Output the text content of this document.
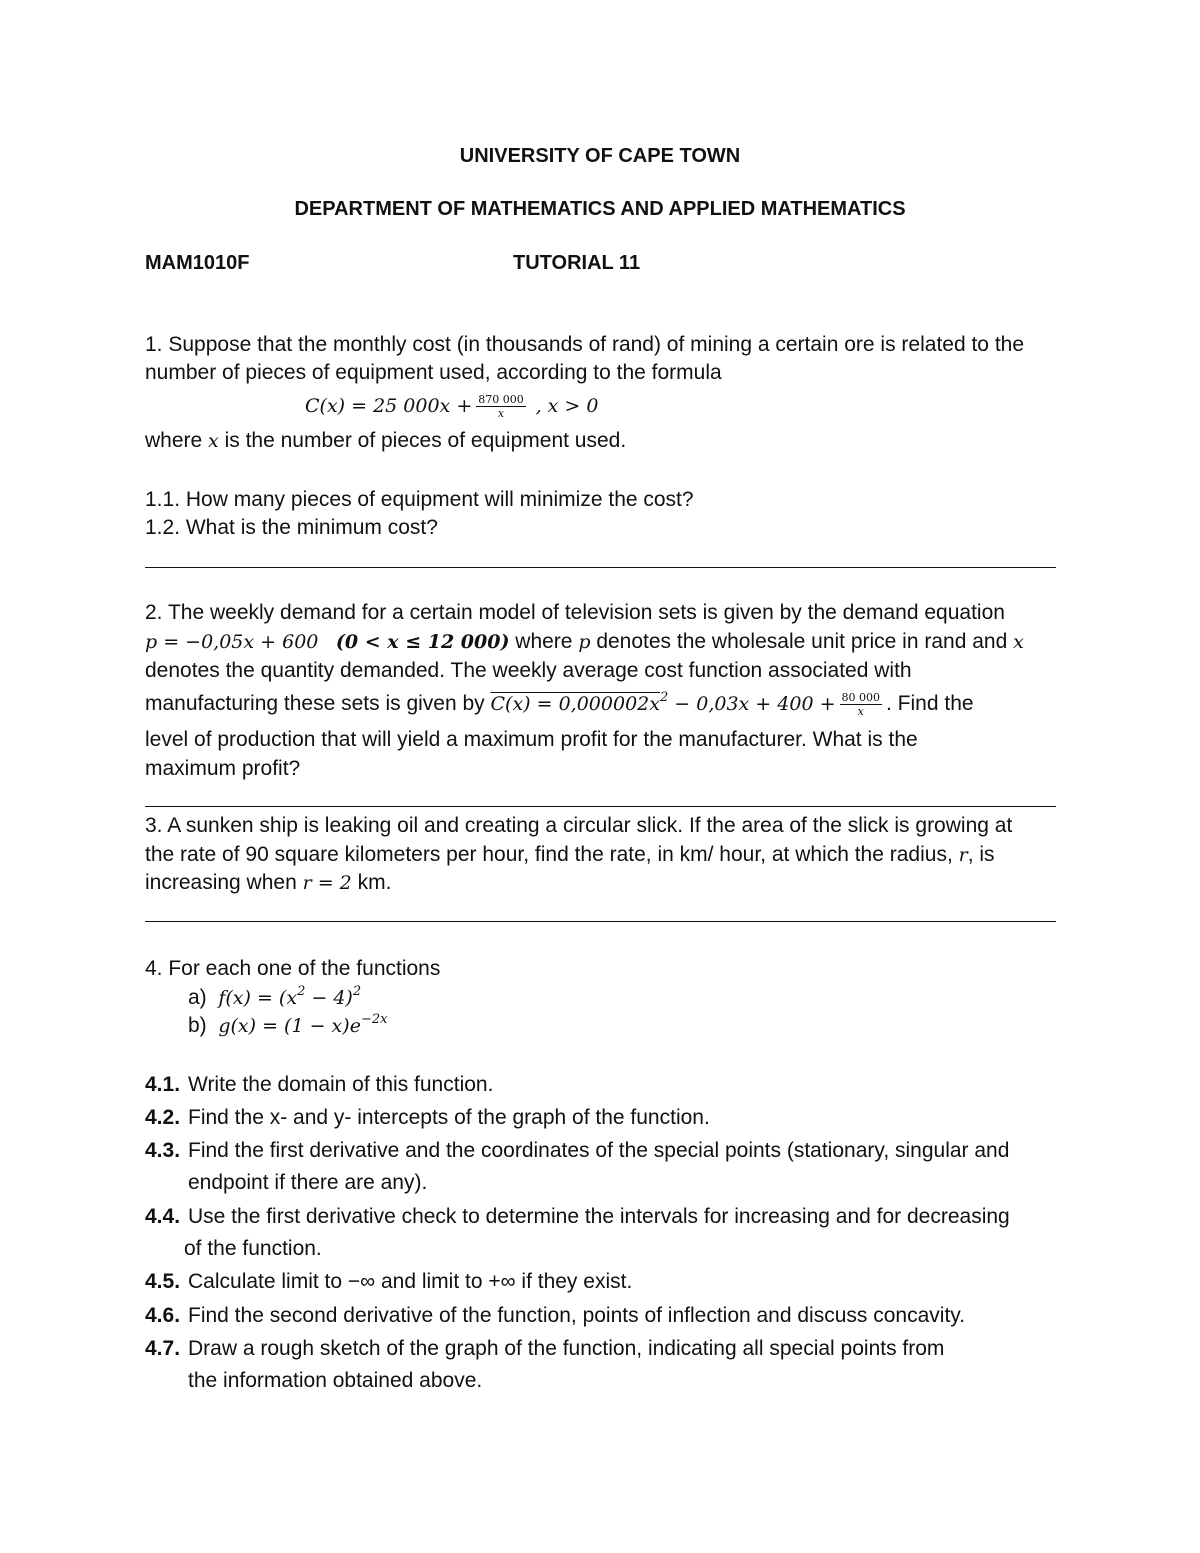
UNIVERSITY OF CAPE TOWN
DEPARTMENT OF MATHEMATICS AND APPLIED MATHEMATICS
MAM1010F	TUTORIAL 11
1. Suppose that the monthly cost (in thousands of rand) of mining a certain ore is related to the
number of pieces of equipment used, according to the formula
C(x) = 25 $000x + \frac{870 000}{x}$ , x > 0
where x is the number of pieces of equipment used.
1.1. How many pieces of equipment will minimize the cost?
1.2. What is the minimum cost?
2. The weekly demand for a certain model of television sets is given by the demand equation
p = −0,05x + 600 (0 < x ≤ 12 000) where p denotes the wholesale unit price in rand and x
denotes the quantity demanded. The weekly average cost function associated with
manufacturing these sets is given by $C(x) = 0,000002x^2 - 0,03x + 400 + \frac{80 000}{x}$ . Find the
level of production that will yield a maximum profit for the manufacturer. What is the
maximum profit?
3. A sunken ship is leaking oil and creating a circular slick. If the area of the slick is growing at
the rate of 90 square kilometers per hour, find the rate, in km/ hour, at which the radius, r, is
increasing when r = 2 km.
4. For each one of the functions
a) $f(x) = (x^2 - 4)^2$
b) $g(x) = (1 - x)e^{-2x}$
4.1. Write the domain of this function.
4.2. Find the x- and y- intercepts of the graph of the function.
4.3. Find the first derivative and the coordinates of the special points (stationary, singular and
endpoint if there are any).
4.4. Use the first derivative check to determine the intervals for increasing and for decreasing
of the function.
4.5. Calculate limit to −∞ and limit to +∞ if they exist.
4.6. Find the second derivative of the function, points of inflection and discuss concavity.
4.7. Draw a rough sketch of the graph of the function, indicating all special points from
the information obtained above.
